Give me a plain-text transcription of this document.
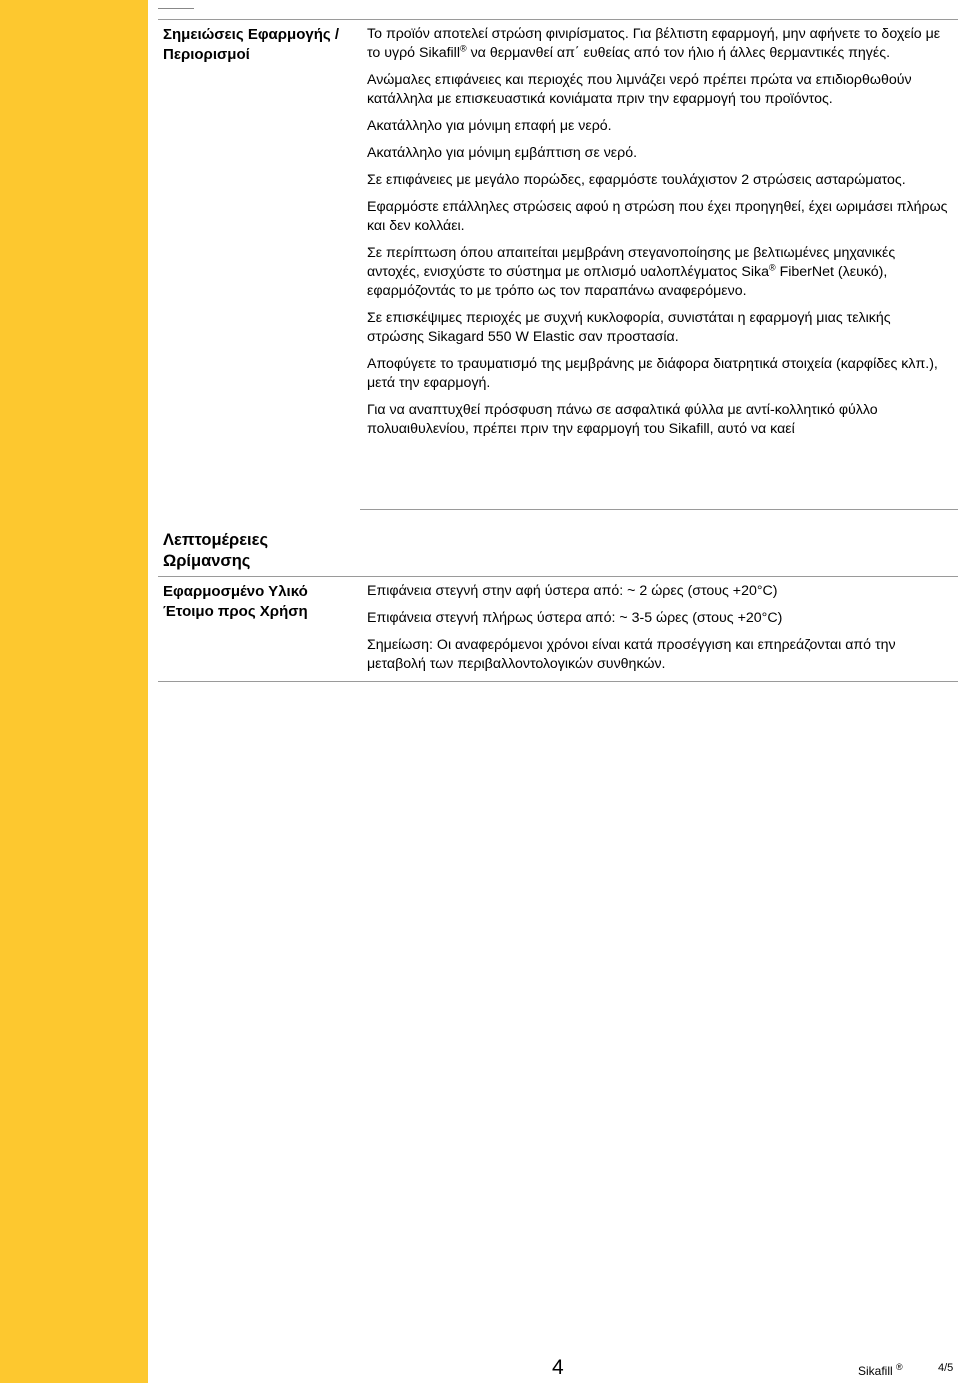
Σημειώσεις Εφαρμογής / Περιορισμοί

Το προϊόν αποτελεί στρώση φινιρίσματος. Για βέλτιστη εφαρμογή, μην αφήνετε το δοχείο με το υγρό Sikafill® να θερμανθεί απ΄ ευθείας από τον ήλιο ή άλλες θερμαντικές πηγές.

Ανώμαλες επιφάνειες και περιοχές που λιμνάζει νερό πρέπει πρώτα να επιδιορθωθούν κατάλληλα με επισκευαστικά κονιάματα πριν την εφαρμογή του προϊόντος.

Ακατάλληλο για μόνιμη επαφή με νερό.

Ακατάλληλο για μόνιμη εμβάπτιση σε νερό.

Σε επιφάνειες με μεγάλο πορώδες, εφαρμόστε τουλάχιστον 2 στρώσεις ασταρώματος.

Εφαρμόστε επάλληλες στρώσεις αφού η στρώση που έχει προηγηθεί, έχει ωριμάσει πλήρως και δεν κολλάει.

Σε περίπτωση όπου απαιτείται μεμβράνη στεγανοποίησης με βελτιωμένες μηχανικές αντοχές, ενισχύστε το σύστημα με οπλισμό υαλοπλέγματος Sika® FiberNet (λευκό), εφαρμόζοντάς το με τρόπο ως τον παραπάνω αναφερόμενο.

Σε επισκέψιμες περιοχές με συχνή κυκλοφορία, συνιστάται η εφαρμογή μιας τελικής στρώσης Sikagard 550 W Elastic σαν προστασία.

Αποφύγετε το τραυματισμό της μεμβράνης με διάφορα διατρητικά στοιχεία (καρφίδες κλπ.), μετά την εφαρμογή.

Για να αναπτυχθεί πρόσφυση πάνω σε ασφαλτικά φύλλα με αντί-κολλητικό φύλλο πολυαιθυλενίου, πρέπει πριν την εφαρμογή του Sikafill, αυτό να καεί

Λεπτομέρειες Ωρίμανσης
Εφαρμοσμένο Υλικό Έτοιμο προς Χρήση

Επιφάνεια στεγνή στην αφή ύστερα από: ~ 2 ώρες (στους +20°C)

Επιφάνεια στεγνή πλήρως ύστερα από: ~ 3-5 ώρες (στους +20°C)

Σημείωση: Οι αναφερόμενοι χρόνοι είναι κατά προσέγγιση και επηρεάζονται από την μεταβολή των περιβαλλοντολογικών συνθηκών.

4	Sikafill ®	4/5
